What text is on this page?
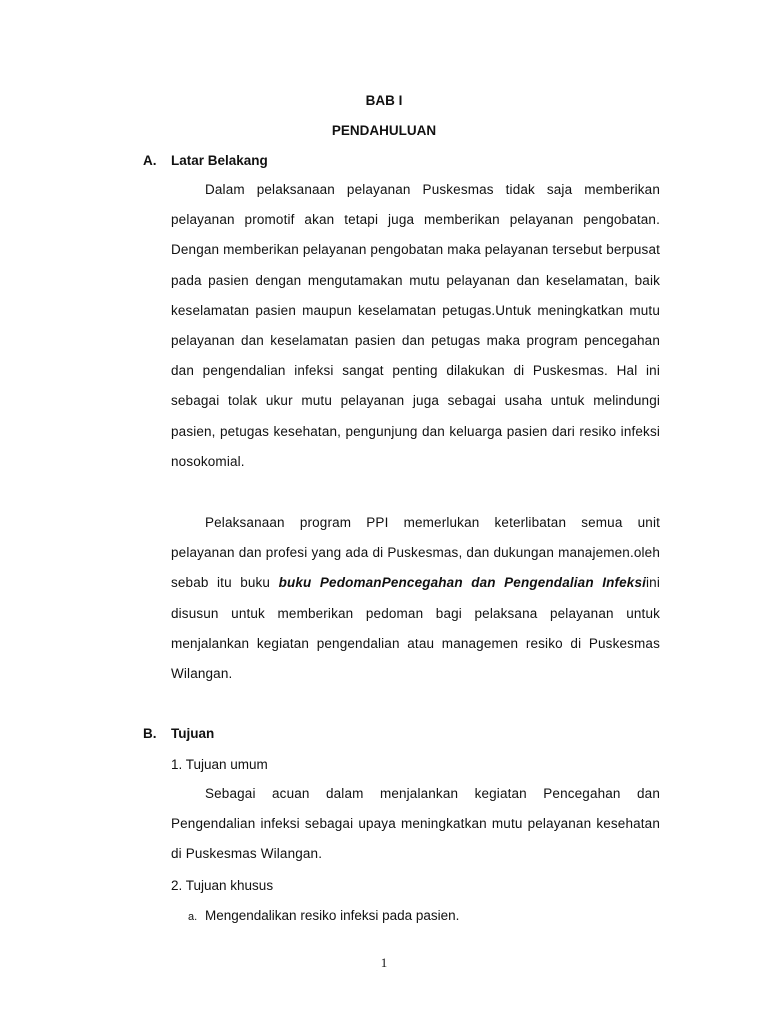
BAB I
PENDAHULUAN
A. Latar Belakang

Dalam pelaksanaan pelayanan Puskesmas tidak saja memberikan pelayanan promotif akan tetapi juga memberikan pelayanan pengobatan. Dengan memberikan pelayanan pengobatan maka pelayanan tersebut berpusat pada pasien dengan mengutamakan mutu pelayanan dan keselamatan, baik keselamatan pasien maupun keselamatan petugas.Untuk meningkatkan mutu pelayanan dan keselamatan pasien dan petugas maka program pencegahan dan pengendalian infeksi sangat penting dilakukan di Puskesmas. Hal ini sebagai tolak ukur mutu pelayanan juga sebagai usaha untuk melindungi pasien, petugas kesehatan, pengunjung dan keluarga pasien dari resiko infeksi nosokomial.

Pelaksanaan program PPI memerlukan keterlibatan semua unit pelayanan dan profesi yang ada di Puskesmas, dan dukungan manajemen.oleh sebab itu buku buku PedomanPencegahan dan Pengendalian Infeksiini disusun untuk memberikan pedoman bagi pelaksana pelayanan untuk menjalankan kegiatan pengendalian atau managemen resiko di Puskesmas Wilangan.

B. Tujuan
1. Tujuan umum

Sebagai acuan dalam menjalankan kegiatan Pencegahan dan Pengendalian infeksi sebagai upaya meningkatkan mutu pelayanan kesehatan di Puskesmas Wilangan.

2. Tujuan khusus
a. Mengendalikan resiko infeksi pada pasien.
1
